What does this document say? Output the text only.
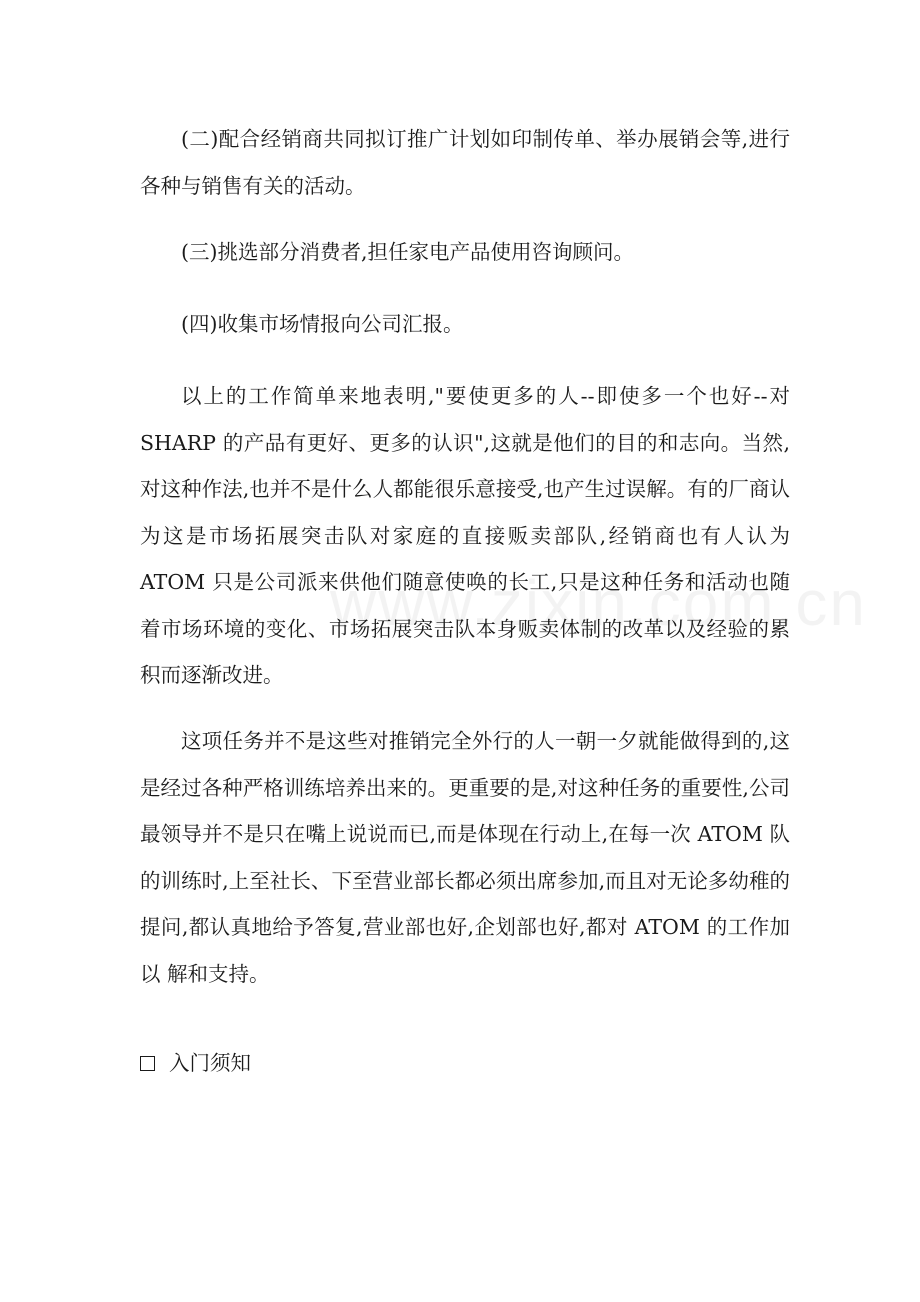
(二)配合经销商共同拟订推广计划如印制传单、举办展销会等,进行各种与销售有关的活动。

(三)挑选部分消费者,担任家电产品使用咨询顾问。

(四)收集市场情报向公司汇报。

以上的工作简单来地表明,"要使更多的人--即使多一个也好--对 SHARP 的产品有更好、更多的认识",这就是他们的目的和志向。当然,对这种作法,也并不是什么人都能很乐意接受,也产生过误解。有的厂商认为这是市场拓展突击队对家庭的直接贩卖部队,经销商也有人认为 ATOM 只是公司派来供他们随意使唤的长工,只是这种任务和活动也随着市场环境的变化、市场拓展突击队本身贩卖体制的改革以及经验的累积而逐渐改进。

这项任务并不是这些对推销完全外行的人一朝一夕就能做得到的,这是经过各种严格训练培养出来的。更重要的是,对这种任务的重要性,公司最领导并不是只在嘴上说说而已,而是体现在行动上,在每一次 ATOM 队的训练时,上至社长、下至营业部长都必须出席参加,而且对无论多幼稚的提问,都认真地给予答复,营业部也好,企划部也好,都对 ATOM 的工作加以 解和支持。

入门须知
